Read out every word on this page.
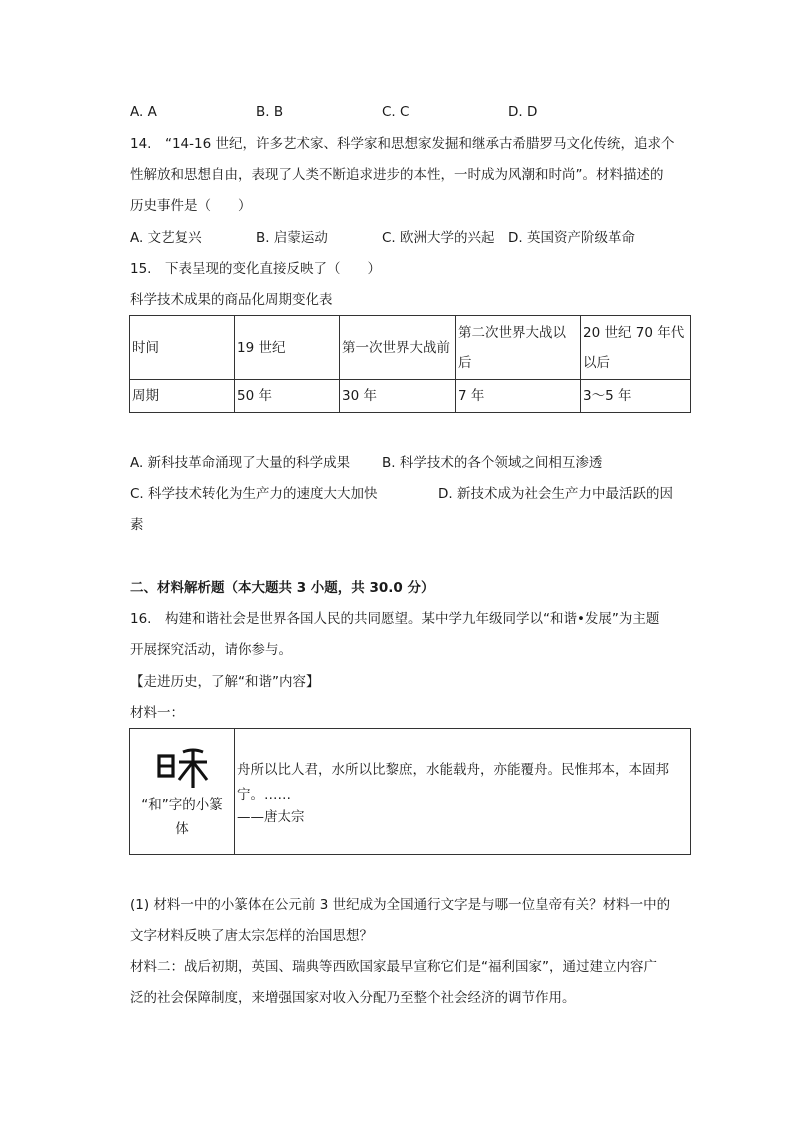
A. A	B. B	C. C	D. D
14.　“14-16 世纪，许多艺术家、科学家和思想家发掘和继承古希腊罗马文化传统，追求个
性解放和思想自由，表现了人类不断追求进步的本性，一时成为风潮和时尚”。材料描述的
历史事件是（　　）
A. 文艺复兴	B. 启蒙运动	C. 欧洲大学的兴起 D. 英国资产阶级革命
15.　下表呈现的变化直接反映了（　　）
科学技术成果的商品化周期变化表
时间	19 世纪	第一次世界大战前	第二次世界大战以后	20 世纪 70 年代以后
周期	50 年	30 年	7 年	3～5 年
A. 新科技革命涌现了大量的科学成果 B. 科学技术的各个领域之间相互渗透
C. 科学技术转化为生产力的速度大大加快	D. 新技术成为社会生产力中最活跃的因
素
二、材料解析题（本大题共 3 小题，共 30.0 分）
16.　构建和谐社会是世界各国人民的共同愿望。某中学九年级同学以“和谐•发展”为主题
开展探究活动，请你参与。
【走进历史，了解“和谐”内容】
材料一：
“和”字的小篆
体

舟所以比人君，水所以比黎庶，水能载舟，亦能覆舟。民惟邦本，本固邦
宁。……
——唐太宗
(1) 材料一中的小篆体在公元前 3 世纪成为全国通行文字是与哪一位皇帝有关？材料一中的
文字材料反映了唐太宗怎样的治国思想？
材料二：战后初期，英国、瑞典等西欧国家最早宣称它们是“福利国家”，通过建立内容广
泛的社会保障制度，来增强国家对收入分配乃至整个社会经济的调节作用。
